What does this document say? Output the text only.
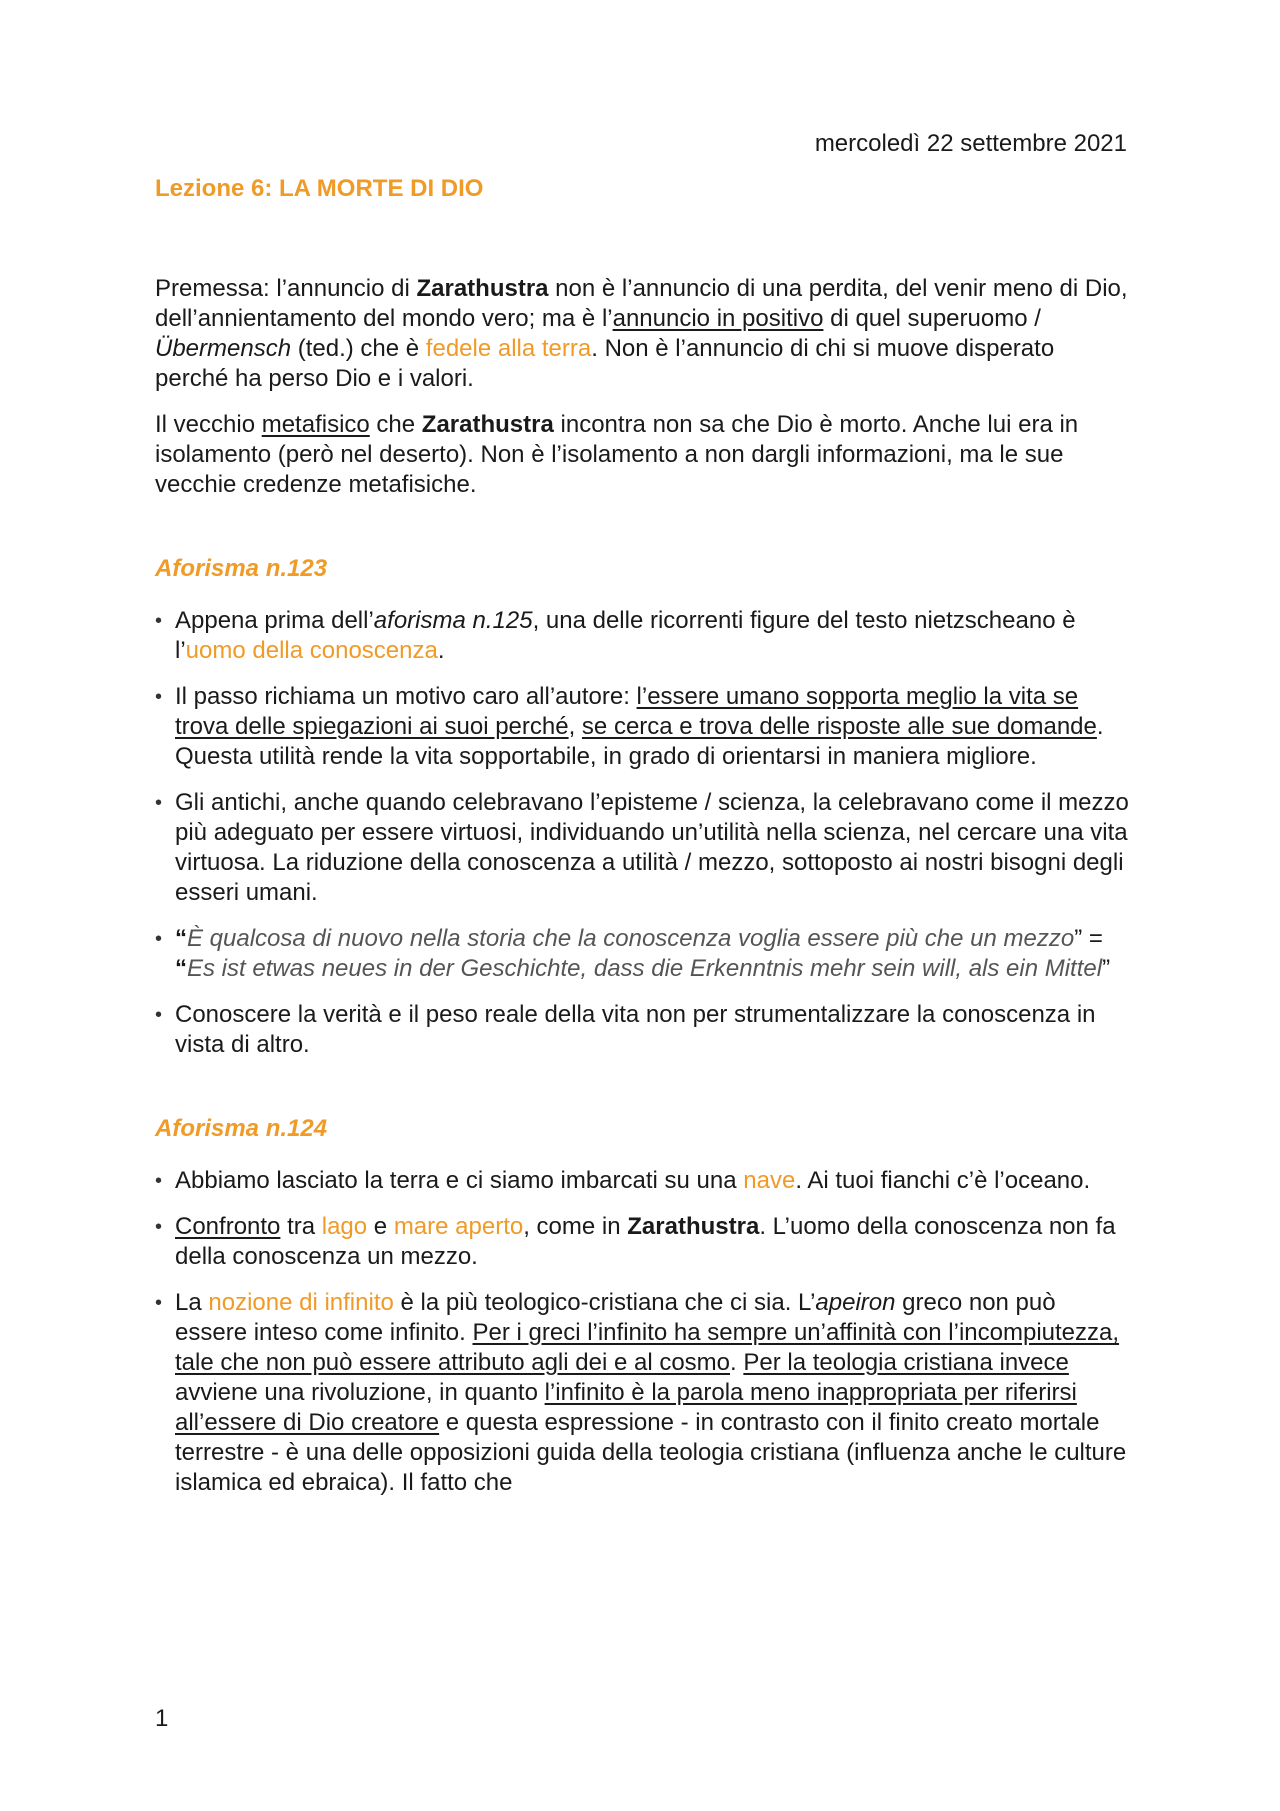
mercoledì 22 settembre 2021
Lezione 6: LA MORTE DI DIO

Premessa: l’annuncio di Zarathustra non è l’annuncio di una perdita, del venir meno di Dio, dell’annientamento del mondo vero; ma è l’annuncio in positivo di quel superuomo / Übermensch (ted.) che è fedele alla terra. Non è l’annuncio di chi si muove disperato perché ha perso Dio e i valori.

Il vecchio metafisico che Zarathustra incontra non sa che Dio è morto. Anche lui era in isolamento (però nel deserto). Non è l’isolamento a non dargli informazioni, ma le sue vecchie credenze metafisiche.

Aforisma n.123
• Appena prima dell’aforisma n.125, una delle ricorrenti figure del testo nietzscheano è l’uomo della conoscenza.
• Il passo richiama un motivo caro all’autore: l’essere umano sopporta meglio la vita se trova delle spiegazioni ai suoi perché, se cerca e trova delle risposte alle sue domande. Questa utilità rende la vita sopportabile, in grado di orientarsi in maniera migliore.
• Gli antichi, anche quando celebravano l’episteme / scienza, la celebravano come il mezzo più adeguato per essere virtuosi, individuando un’utilità nella scienza, nel cercare una vita virtuosa. La riduzione della conoscenza a utilità / mezzo, sottoposto ai nostri bisogni degli esseri umani.
• “È qualcosa di nuovo nella storia che la conoscenza voglia essere più che un mezzo” =
“Es ist etwas neues in der Geschichte, dass die Erkenntnis mehr sein will, als ein Mittel”
• Conoscere la verità e il peso reale della vita non per strumentalizzare la conoscenza in vista di altro.
Aforisma n.124
• Abbiamo lasciato la terra e ci siamo imbarcati su una nave. Ai tuoi fianchi c’è l’oceano.
• Confronto tra lago e mare aperto, come in Zarathustra. L’uomo della conoscenza non fa della conoscenza un mezzo.
• La nozione di infinito è la più teologico-cristiana che ci sia. L’apeiron greco non può essere inteso come infinito. Per i greci l’infinito ha sempre un’affinità con l’incompiutezza, tale che non può essere attributo agli dei e al cosmo. Per la teologia cristiana invece avviene una rivoluzione, in quanto l’infinito è la parola meno inappropriata per riferirsi all’essere di Dio creatore e questa espressione - in contrasto con il finito creato mortale terrestre - è una delle opposizioni guida della teologia cristiana (influenza anche le culture islamica ed ebraica). Il fatto che
1
